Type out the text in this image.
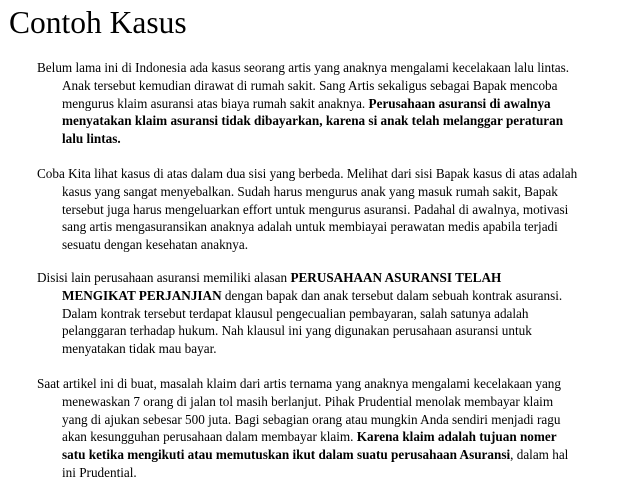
Contoh Kasus
Belum lama ini di Indonesia ada kasus seorang artis yang anaknya mengalami kecelakaan lalu lintas.
Anak tersebut kemudian dirawat di rumah sakit. Sang Artis sekaligus sebagai Bapak mencoba
mengurus klaim asuransi atas biaya rumah sakit anaknya. Perusahaan asuransi di awalnya
menyatakan klaim asuransi tidak dibayarkan, karena si anak telah melanggar peraturan
lalu lintas.
Coba Kita lihat kasus di atas dalam dua sisi yang berbeda. Melihat dari sisi Bapak kasus di atas adalah
kasus yang sangat menyebalkan. Sudah harus mengurus anak yang masuk rumah sakit, Bapak
tersebut juga harus mengeluarkan effort untuk mengurus asuransi. Padahal di awalnya, motivasi
sang artis mengasuransikan anaknya adalah untuk membiayai perawatan medis apabila terjadi
sesuatu dengan kesehatan anaknya.
Disisi lain perusahaan asuransi memiliki alasan PERUSAHAAN ASURANSI TELAH
MENGIKAT PERJANJIAN dengan bapak dan anak tersebut dalam sebuah kontrak asuransi.
Dalam kontrak tersebut terdapat klausul pengecualian pembayaran, salah satunya adalah
pelanggaran terhadap hukum. Nah klausul ini yang digunakan perusahaan asuransi untuk
menyatakan tidak mau bayar.
Saat artikel ini di buat, masalah klaim dari artis ternama yang anaknya mengalami kecelakaan yang
menewaskan 7 orang di jalan tol masih berlanjut. Pihak Prudential menolak membayar klaim
yang di ajukan sebesar 500 juta. Bagi sebagian orang atau mungkin Anda sendiri menjadi ragu
akan kesungguhan perusahaan dalam membayar klaim. Karena klaim adalah tujuan nomer
satu ketika mengikuti atau memutuskan ikut dalam suatu perusahaan Asuransi, dalam hal
ini Prudential.
